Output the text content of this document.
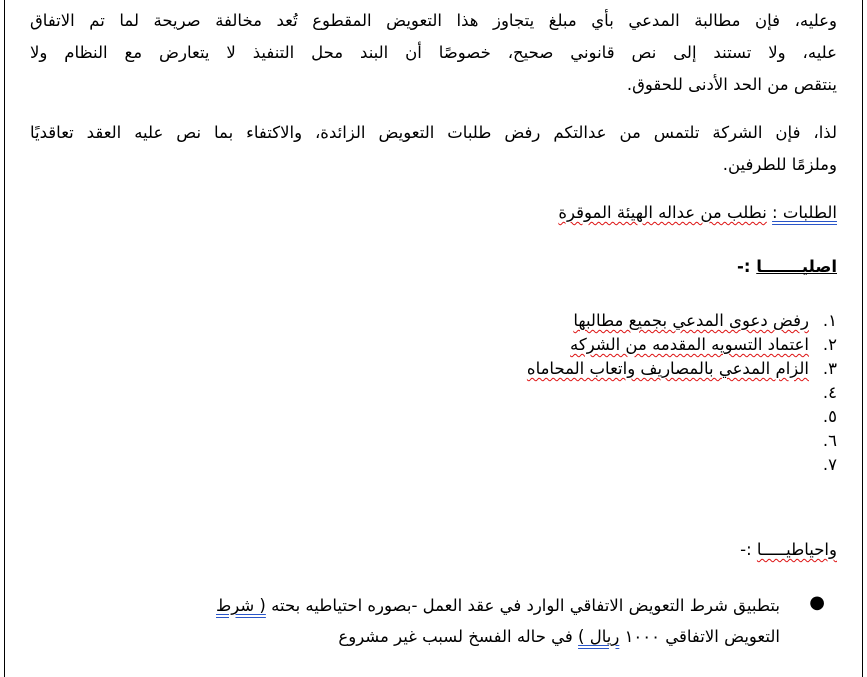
وعليه، فإن مطالبة المدعي بأي مبلغ يتجاوز هذا التعويض المقطوع تُعد مخالفة صريحة لما تم الاتفاق
عليه، ولا تستند إلى نص قانوني صحيح، خصوصًا أن البند محل التنفيذ لا يتعارض مع النظام ولا
ينتقص من الحد الأدنى للحقوق.
لذا، فإن الشركة تلتمس من عدالتكم رفض طلبات التعويض الزائدة، والاكتفاء بما نص عليه العقد تعاقديًا
وملزمًا للطرفين.
الطلبات : نطلب من عداله الهيئة الموقرة
اصليـــــــا :-
١.رفض دعوى المدعي بجميع مطالبها
٢.اعتماد التسويه المقدمه من الشركه
٣.الزام المدعي بالمصاريف واتعاب المحاماه
٤.
٥.
٦.
٧.
واحياطيـــــا :-
●
بتطبيق شرط التعويض الاتفاقي الوارد في عقد العمل -بصوره احتياطيه بحته ( شرط
التعويض الاتفاقي ١٠٠٠ ريال ) في حاله الفسخ لسبب غير مشروع
